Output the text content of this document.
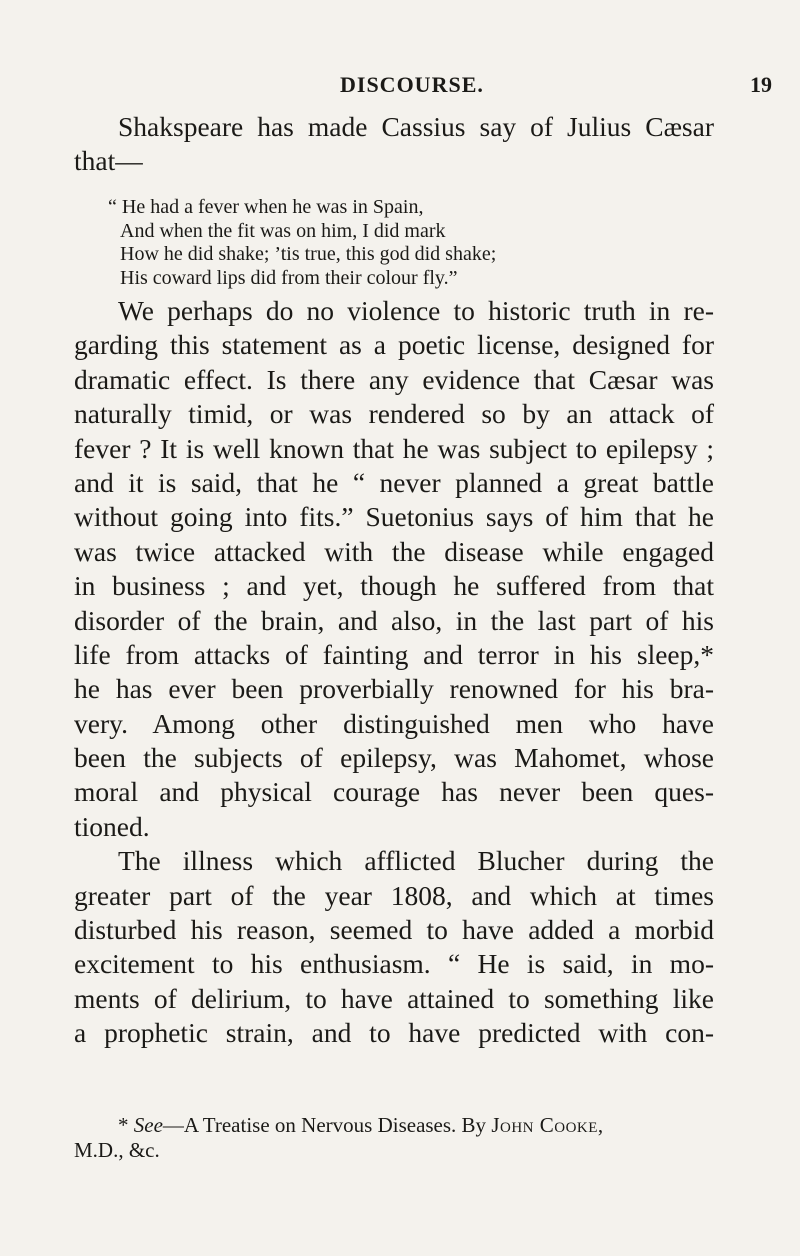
DISCOURSE.	19
Shakspeare has made Cassius say of Julius Cæsar
that—
“ He had a fever when he was in Spain,
And when the fit was on him, I did mark
How he did shake; ’tis true, this god did shake;
His coward lips did from their colour fly.”
We perhaps do no violence to historic truth in re-
garding this statement as a poetic license, designed for
dramatic effect. Is there any evidence that Cæsar was
naturally timid, or was rendered so by an attack of
fever ? It is well known that he was subject to epilepsy ;
and it is said, that he “ never planned a great battle
without going into fits.” Suetonius says of him that he
was twice attacked with the disease while engaged
in business ; and yet, though he suffered from that
disorder of the brain, and also, in the last part of his
life from attacks of fainting and terror in his sleep,*
he has ever been proverbially renowned for his bra-
very. Among other distinguished men who have
been the subjects of epilepsy, was Mahomet, whose
moral and physical courage has never been ques-
tioned.
The illness which afflicted Blucher during the
greater part of the year 1808, and which at times
disturbed his reason, seemed to have added a morbid
excitement to his enthusiasm. “ He is said, in mo-
ments of delirium, to have attained to something like
a prophetic strain, and to have predicted with con-
* See—A Treatise on Nervous Diseases. By John Cooke,
M.D., &c.
